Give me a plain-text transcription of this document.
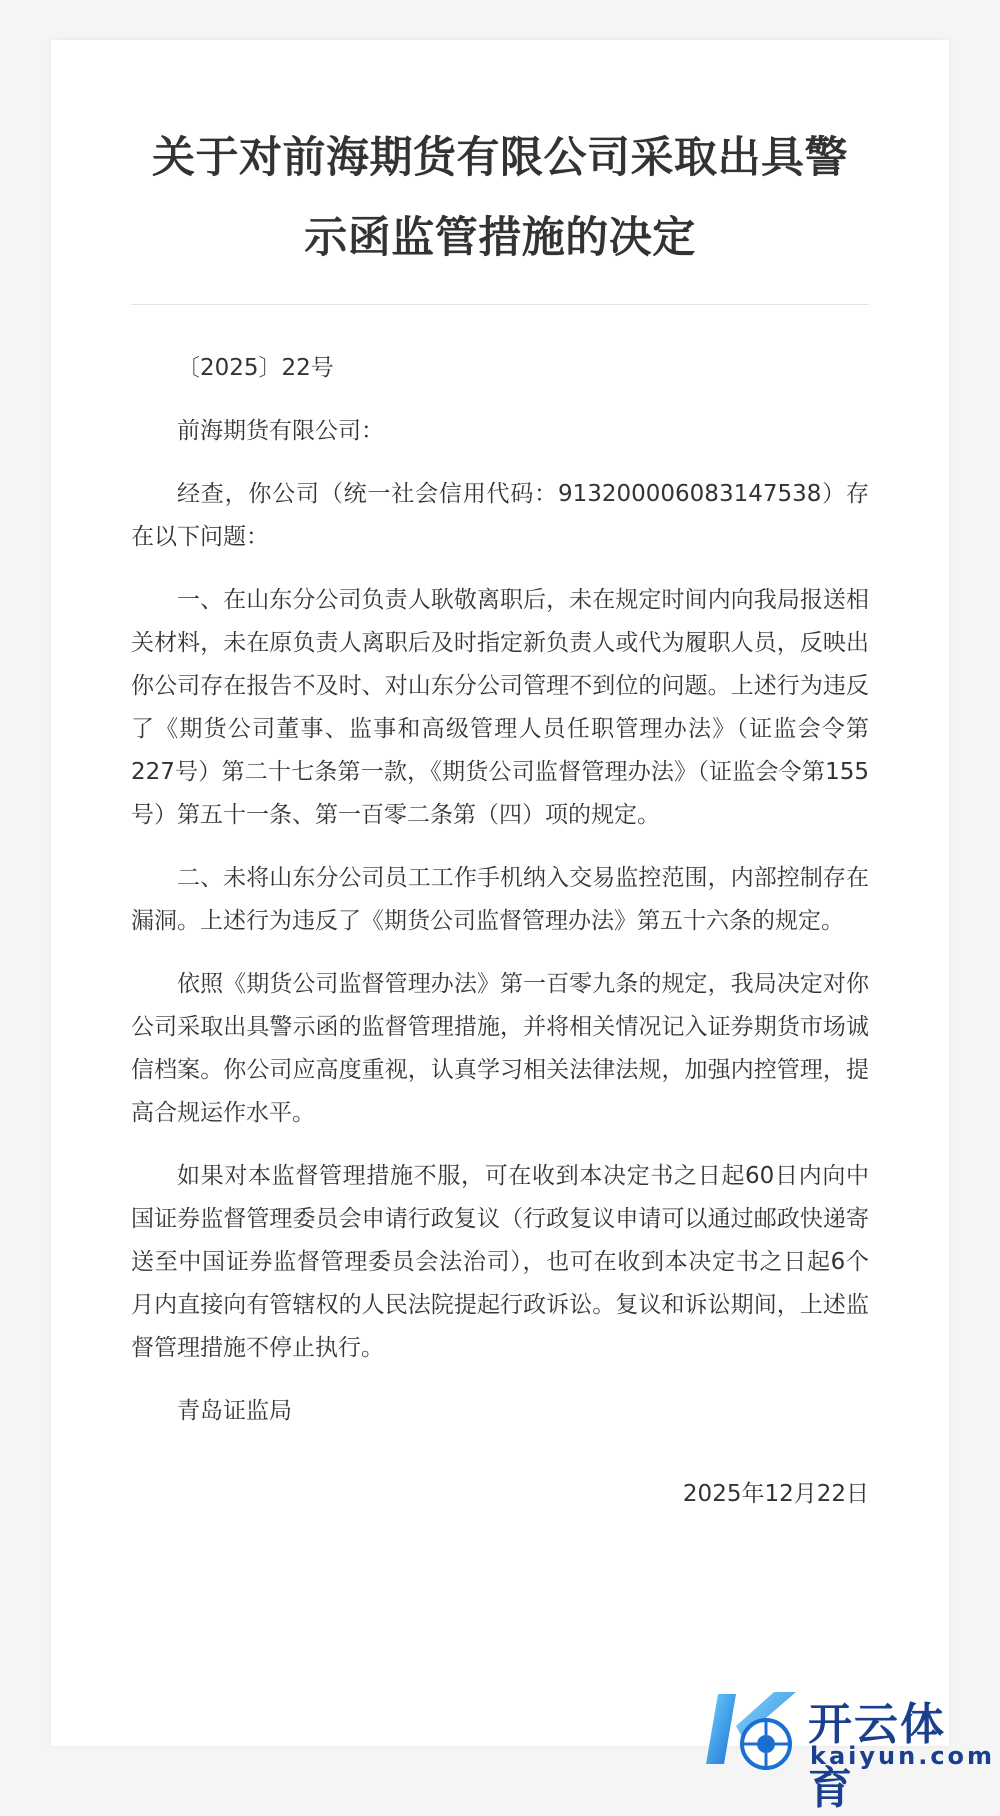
关于对前海期货有限公司采取出具警示函监管措施的决定

〔2025〕22号

前海期货有限公司：

经查，你公司（统一社会信用代码：913200006083147538）存在以下问题：

一、在山东分公司负责人耿敬离职后，未在规定时间内向我局报送相关材料，未在原负责人离职后及时指定新负责人或代为履职人员，反映出你公司存在报告不及时、对山东分公司管理不到位的问题。上述行为违反了《期货公司董事、监事和高级管理人员任职管理办法》（证监会令第227号）第二十七条第一款，《期货公司监督管理办法》（证监会令第155号）第五十一条、第一百零二条第（四）项的规定。

二、未将山东分公司员工工作手机纳入交易监控范围，内部控制存在漏洞。上述行为违反了《期货公司监督管理办法》第五十六条的规定。

依照《期货公司监督管理办法》第一百零九条的规定，我局决定对你公司采取出具警示函的监督管理措施，并将相关情况记入证券期货市场诚信档案。你公司应高度重视，认真学习相关法律法规，加强内控管理，提高合规运作水平。

如果对本监督管理措施不服，可在收到本决定书之日起60日内向中国证券监督管理委员会申请行政复议（行政复议申请可以通过邮政快递寄送至中国证券监督管理委员会法治司），也可在收到本决定书之日起6个月内直接向有管辖权的人民法院提起行政诉讼。复议和诉讼期间，上述监督管理措施不停止执行。

青岛证监局

2025年12月22日
开云体育
kaiyun.com
